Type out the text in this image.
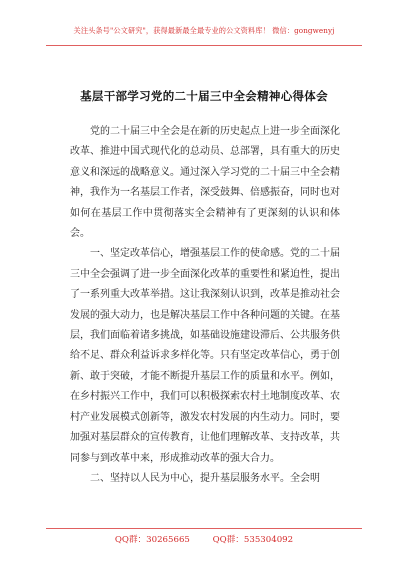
关注头条号"公文研究"，获得最新最全最专业的公文资料库！ 微信：gongwenyj
基层干部学习党的二十届三中全会精神心得体会

党的二十届三中全会是在新的历史起点上进一步全面深化改革、推进中国式现代化的总动员、总部署，具有重大的历史意义和深远的战略意义。通过深入学习党的二十届三中全会精神，我作为一名基层工作者，深受鼓舞、倍感振奋，同时也对如何在基层工作中贯彻落实全会精神有了更深刻的认识和体会。

一、坚定改革信心，增强基层工作的使命感。党的二十届三中全会强调了进一步全面深化改革的重要性和紧迫性，提出了一系列重大改革举措。这让我深刻认识到，改革是推动社会发展的强大动力，也是解决基层工作中各种问题的关键。在基层，我们面临着诸多挑战，如基础设施建设滞后、公共服务供给不足、群众利益诉求多样化等。只有坚定改革信心，勇于创新、敢于突破，才能不断提升基层工作的质量和水平。例如，在乡村振兴工作中，我们可以积极探索农村土地制度改革、农村产业发展模式创新等，激发农村发展的内生动力。同时，要加强对基层群众的宣传教育，让他们理解改革、支持改革，共同参与到改革中来，形成推动改革的强大合力。

二、坚持以人民为中心，提升基层服务水平。全会明

QQ群：30265665	QQ群：535304092
